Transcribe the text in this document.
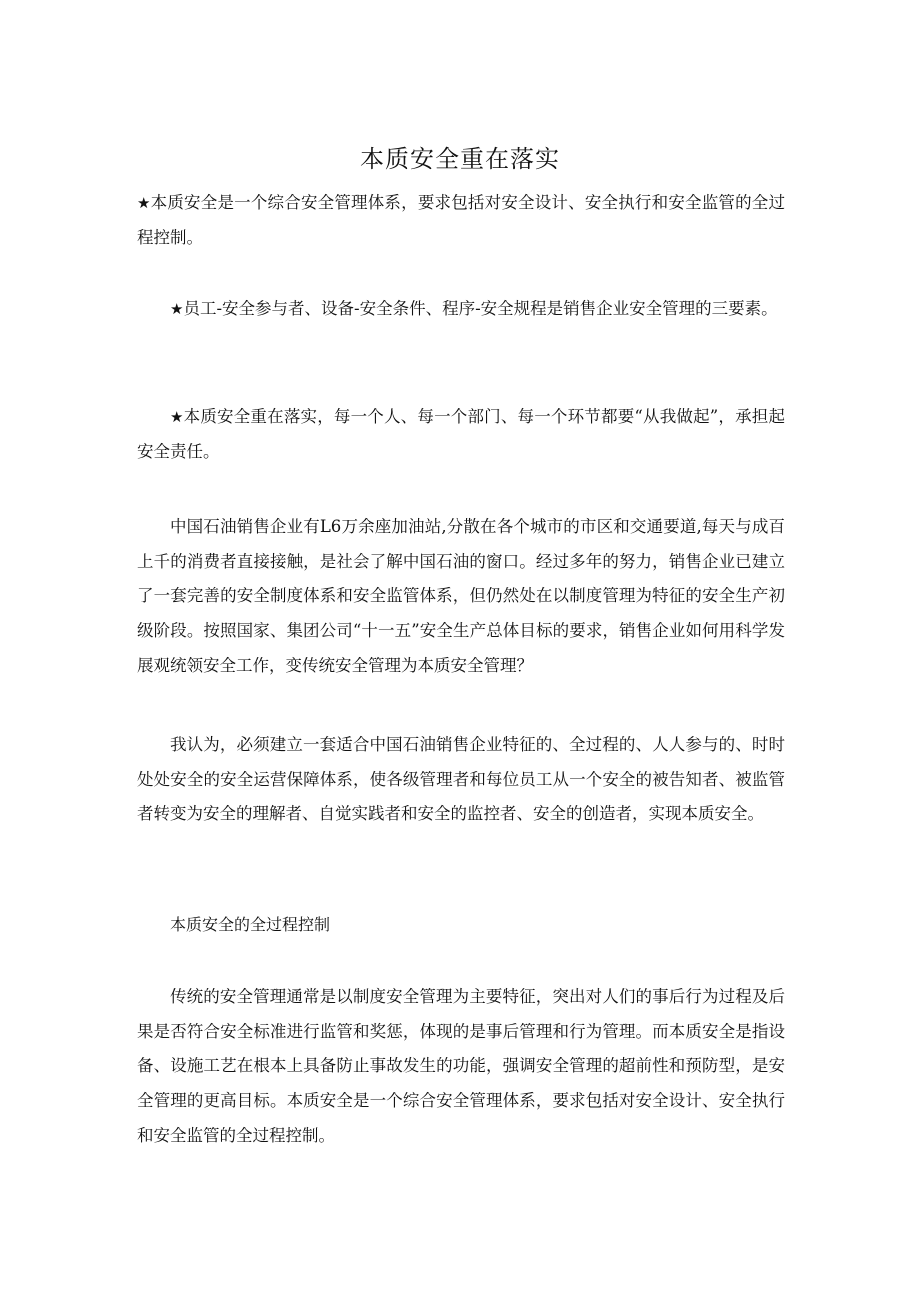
本质安全重在落实

★本质安全是一个综合安全管理体系，要求包括对安全设计、安全执行和安全监管的全过程控制。

★员工-安全参与者、设备-安全条件、程序-安全规程是销售企业安全管理的三要素。

★本质安全重在落实，每一个人、每一个部门、每一个环节都要“从我做起”，承担起安全责任。

中国石油销售企业有L6万余座加油站,分散在各个城市的市区和交通要道,每天与成百上千的消费者直接接触，是社会了解中国石油的窗口。经过多年的努力，销售企业已建立了一套完善的安全制度体系和安全监管体系，但仍然处在以制度管理为特征的安全生产初级阶段。按照国家、集团公司“十一五”安全生产总体目标的要求，销售企业如何用科学发展观统领安全工作，变传统安全管理为本质安全管理？

我认为，必须建立一套适合中国石油销售企业特征的、全过程的、人人参与的、时时处处安全的安全运营保障体系，使各级管理者和每位员工从一个安全的被告知者、被监管者转变为安全的理解者、自觉实践者和安全的监控者、安全的创造者，实现本质安全。

本质安全的全过程控制

传统的安全管理通常是以制度安全管理为主要特征，突出对人们的事后行为过程及后果是否符合安全标准进行监管和奖惩，体现的是事后管理和行为管理。而本质安全是指设备、设施工艺在根本上具备防止事故发生的功能，强调安全管理的超前性和预防型，是安全管理的更高目标。本质安全是一个综合安全管理体系，要求包括对安全设计、安全执行和安全监管的全过程控制。
